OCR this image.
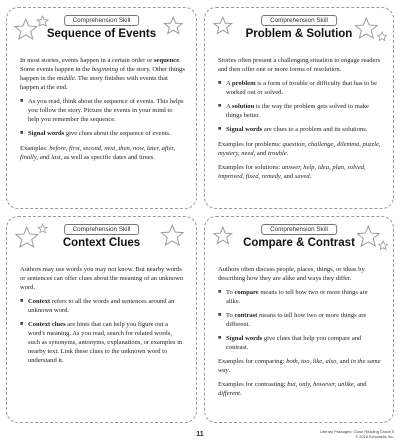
Comprehension Skill
Sequence of Events

In most stories, events happen in a certain order or sequence. Some events happen in the beginning of the story. Other things happen in the middle. The story finishes with events that happen at the end.

■ As you read, think about the sequence of events. This helps you follow the story. Picture the events in your mind to help you remember the sequence.
■ Signal words give clues about the sequence of events.

Examples: before, first, second, next, then, now, later, after, finally, and last, as well as specific dates and times.

Comprehension Skill
Problem & Solution

Stories often present a challenging situation to engage readers and then offer one or more forms of resolution.

■ A problem is a form of trouble or difficulty that has to be worked out or solved.
■ A solution is the way the problem gets solved to make things better.
■ Signal words are clues to a problem and its solutions.

Examples for problems: question, challenge, dilemma, puzzle, mystery, need, and trouble.

Examples for solutions: answer, help, idea, plan, solved, improved, fixed, remedy, and saved.

Comprehension Skill
Context Clues

Authors may use words you may not know. But nearby words or sentences can offer clues about the meaning of an unknown word.

■ Context refers to all the words and sentences around an unknown word.
■ Context clues are hints that can help you figure out a word's meaning. As you read, search for related words, such as synonyms, antonyms, explanations, or examples in nearby text. Link these clues to the unknown word to understand it.
Comprehension Skill
Compare & Contrast

Authors often discuss people, places, things, or ideas by describing how they are alike and ways they differ.

■ To compare means to tell how two or more things are alike.
■ To contrast means to tell how two or more things are different.
■ Signal words give clues that help you compare and contrast.

Examples for comparing: both, too, like, also, and in the same way.

Examples for contrasting: but, only, however, unlike, and different.

11	Literary Passages: Close Reading Grade 5
© 2018 Scholastic Inc.
